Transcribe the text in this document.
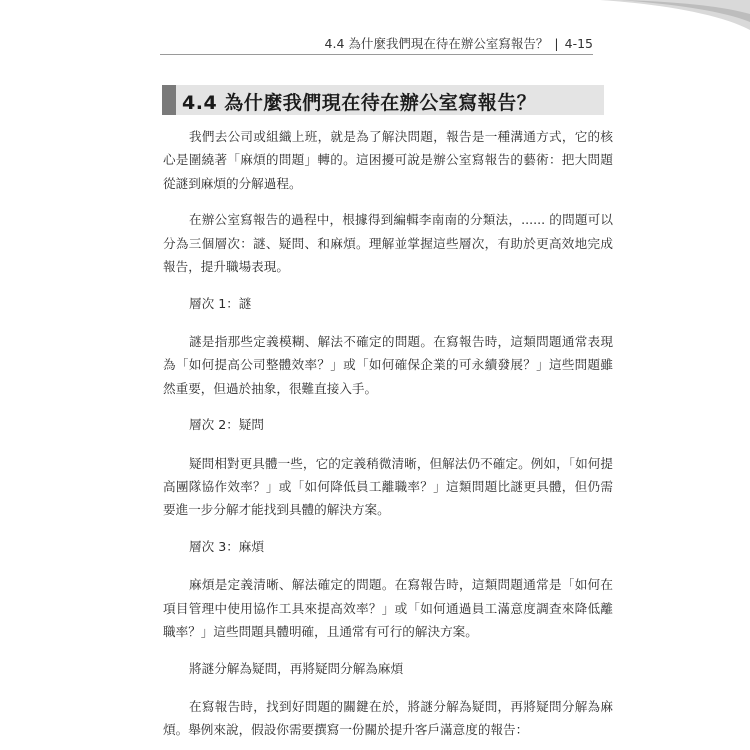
4.4 為什麼我們現在待在辦公室寫報告？ | 4-15
4.4 為什麼我們現在待在辦公室寫報告？

我們去公司或組織上班，就是為了解決問題，報告是一種溝通方式，它的核心是圍繞著「麻煩的問題」轉的。這困擾可說是辦公室寫報告的藝術：把大問題從謎到麻煩的分解過程。

在辦公室寫報告的過程中，根據得到編輯李南南的分類法，...... 的問題可以分為三個層次：謎、疑問、和麻煩。理解並掌握這些層次，有助於更高效地完成報告，提升職場表現。

層次 1：謎

謎是指那些定義模糊、解法不確定的問題。在寫報告時，這類問題通常表現為「如何提高公司整體效率？」或「如何確保企業的可永續發展？」這些問題雖然重要，但過於抽象，很難直接入手。

層次 2：疑問

疑問相對更具體一些，它的定義稍微清晰，但解法仍不確定。例如，「如何提高團隊協作效率？」或「如何降低員工離職率？」這類問題比謎更具體，但仍需要進一步分解才能找到具體的解決方案。

層次 3：麻煩

麻煩是定義清晰、解法確定的問題。在寫報告時，這類問題通常是「如何在項目管理中使用協作工具來提高效率？」或「如何通過員工滿意度調查來降低離職率？」這些問題具體明確，且通常有可行的解決方案。

將謎分解為疑問，再將疑問分解為麻煩

在寫報告時，找到好問題的關鍵在於，將謎分解為疑問，再將疑問分解為麻煩。舉例來說，假設你需要撰寫一份關於提升客戶滿意度的報告：
